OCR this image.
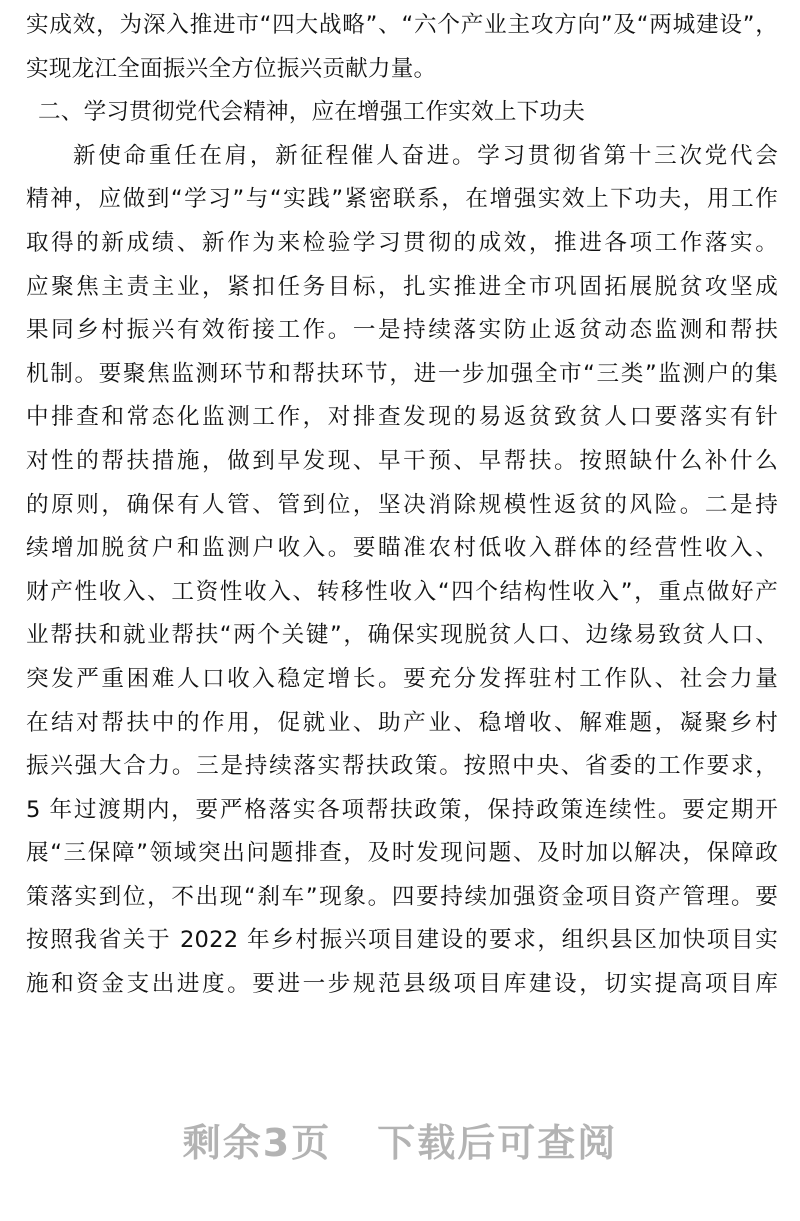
实成效，为深入推进市“四大战略”、“六个产业主攻方向”及“两城建设”，
实现龙江全面振兴全方位振兴贡献力量。
二、学习贯彻党代会精神，应在增强工作实效上下功夫
新使命重任在肩，新征程催人奋进。学习贯彻省第十三次党代会
精神，应做到“学习”与“实践”紧密联系，在增强实效上下功夫，用工作
取得的新成绩、新作为来检验学习贯彻的成效，推进各项工作落实。
应聚焦主责主业，紧扣任务目标，扎实推进全市巩固拓展脱贫攻坚成
果同乡村振兴有效衔接工作。一是持续落实防止返贫动态监测和帮扶
机制。要聚焦监测环节和帮扶环节，进一步加强全市“三类”监测户的集
中排查和常态化监测工作，对排查发现的易返贫致贫人口要落实有针
对性的帮扶措施，做到早发现、早干预、早帮扶。按照缺什么补什么
的原则，确保有人管、管到位，坚决消除规模性返贫的风险。二是持
续增加脱贫户和监测户收入。要瞄准农村低收入群体的经营性收入、
财产性收入、工资性收入、转移性收入“四个结构性收入”，重点做好产
业帮扶和就业帮扶“两个关键”，确保实现脱贫人口、边缘易致贫人口、
突发严重困难人口收入稳定增长。要充分发挥驻村工作队、社会力量
在结对帮扶中的作用，促就业、助产业、稳增收、解难题，凝聚乡村
振兴强大合力。三是持续落实帮扶政策。按照中央、省委的工作要求，
5 年过渡期内，要严格落实各项帮扶政策，保持政策连续性。要定期开
展“三保障”领域突出问题排查，及时发现问题、及时加以解决，保障政
策落实到位，不出现“刹车”现象。四要持续加强资金项目资产管理。要
按照我省关于 2022 年乡村振兴项目建设的要求，组织县区加快项目实
施和资金支出进度。要进一步规范县级项目库建设，切实提高项目库
剩余3页 下载后可查阅
